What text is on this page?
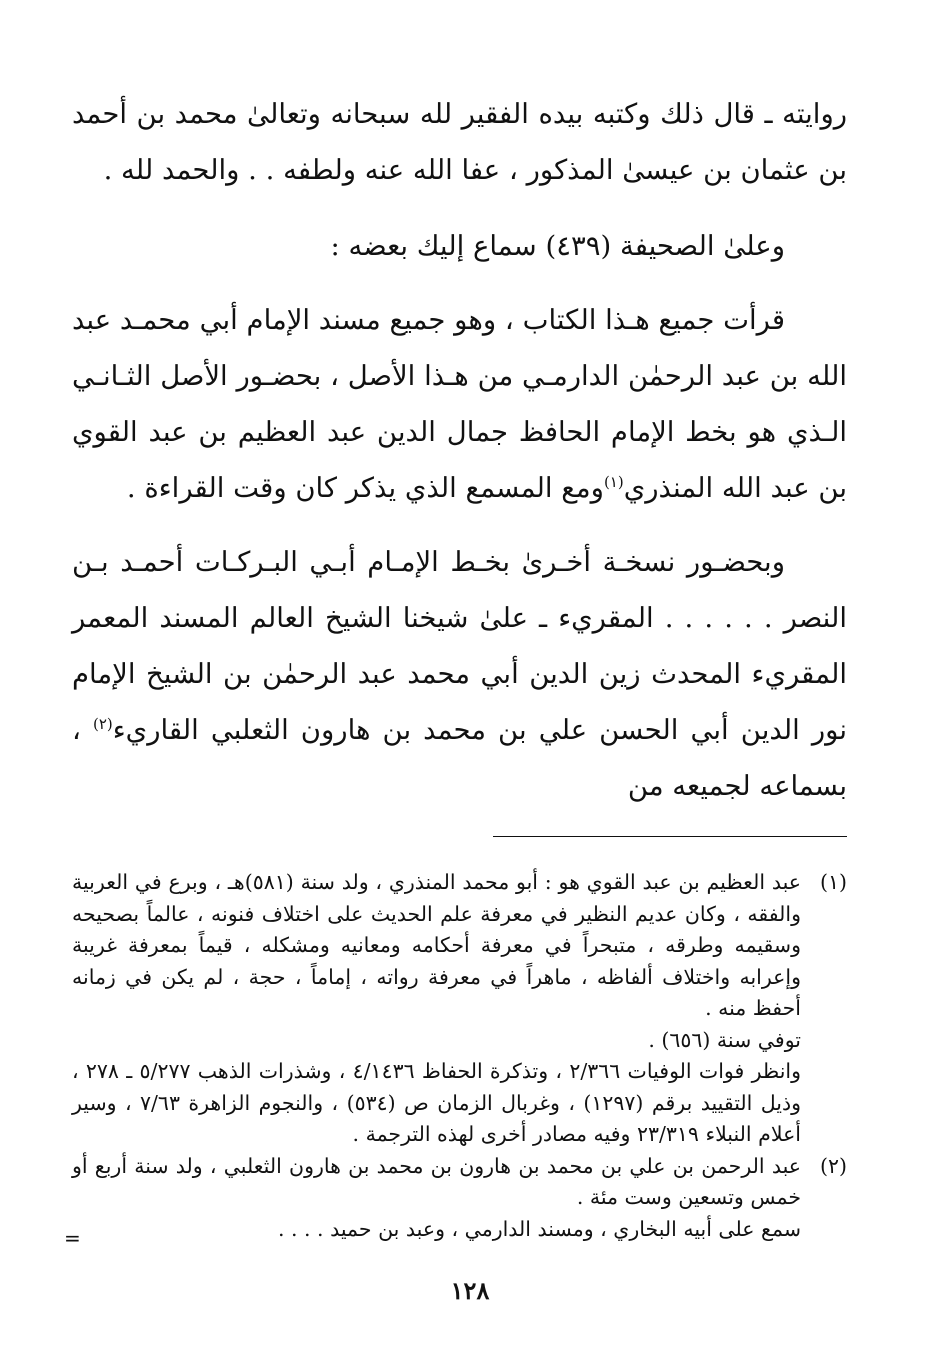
روايته ـ قال ذلك وكتبه بيده الفقير لله سبحانه وتعالىٰ محمد بن أحمد بن عثمان بن عيسىٰ المذكور ، عفا الله عنه ولطفه . . والحمد لله .

وعلىٰ الصحيفة (٤٣٩) سماع إليك بعضه :

قرأت جميع هـذا الكتاب ، وهو جميع مسند الإمام أبي محمـد عبد الله بن عبد الرحمٰن الدارمـي من هـذا الأصل ، بحضـور الأصل الثـانـي الـذي هو بخط الإمام الحافظ جمال الدين عبد العظيم بن عبد القوي بن عبد الله المنذري$^{(١)}$ومع المسمع الذي يذكر كان وقت القراءة .

وبحضـور نسخـة أخـرىٰ بخـط الإمـام أبـي البـركـات أحمـد بـن النصر . . . . . . المقريء ـ علىٰ شيخنا الشيخ العالم المسند المعمر المقريء المحدث زين الدين أبي محمد عبد الرحمٰن بن الشيخ الإمام نور الدين أبي الحسن علي بن محمد بن هارون الثعلبي القاريء$^{(٢)}$ ، بسماعه لجميعه من

(١)

عبد العظيم بن عبد القوي هو : أبو محمد المنذري ، ولد سنة (٥٨١)هـ ، وبرع في العربية والفقه ، وكان عديم النظير في معرفة علم الحديث على اختلاف فنونه ، عالماً بصحيحه وسقيمه وطرقه ، متبحراً في معرفة أحكامه ومعانيه ومشكله ، قيماً بمعرفة غريبة وإعرابه واختلاف ألفاظه ، ماهراً في معرفة رواته ، إماماً ، حجة ، لم يكن في زمانه أحفظ منه .

توفي سنة (٦٥٦) .

وانظر فوات الوفيات ٢/٣٦٦ ، وتذكرة الحفاظ ٤/١٤٣٦ ، وشذرات الذهب ٥/٢٧٧ ـ ٢٧٨ ، وذيل التقييد برقم (١٢٩٧) ، وغربال الزمان ص (٥٣٤) ، والنجوم الزاهرة ٧/٦٣ ، وسير أعلام النبلاء ٢٣/٣١٩ وفيه مصادر أخرى لهذه الترجمة .

(٢)

عبد الرحمن بن علي بن محمد بن هارون بن محمد بن هارون الثعلبي ، ولد سنة أربع أو خمس وتسعين وست مئة .

سمع على أبيه البخاري ، ومسند الدارمي ، وعبد بن حميد . . . .

=
١٢٨
